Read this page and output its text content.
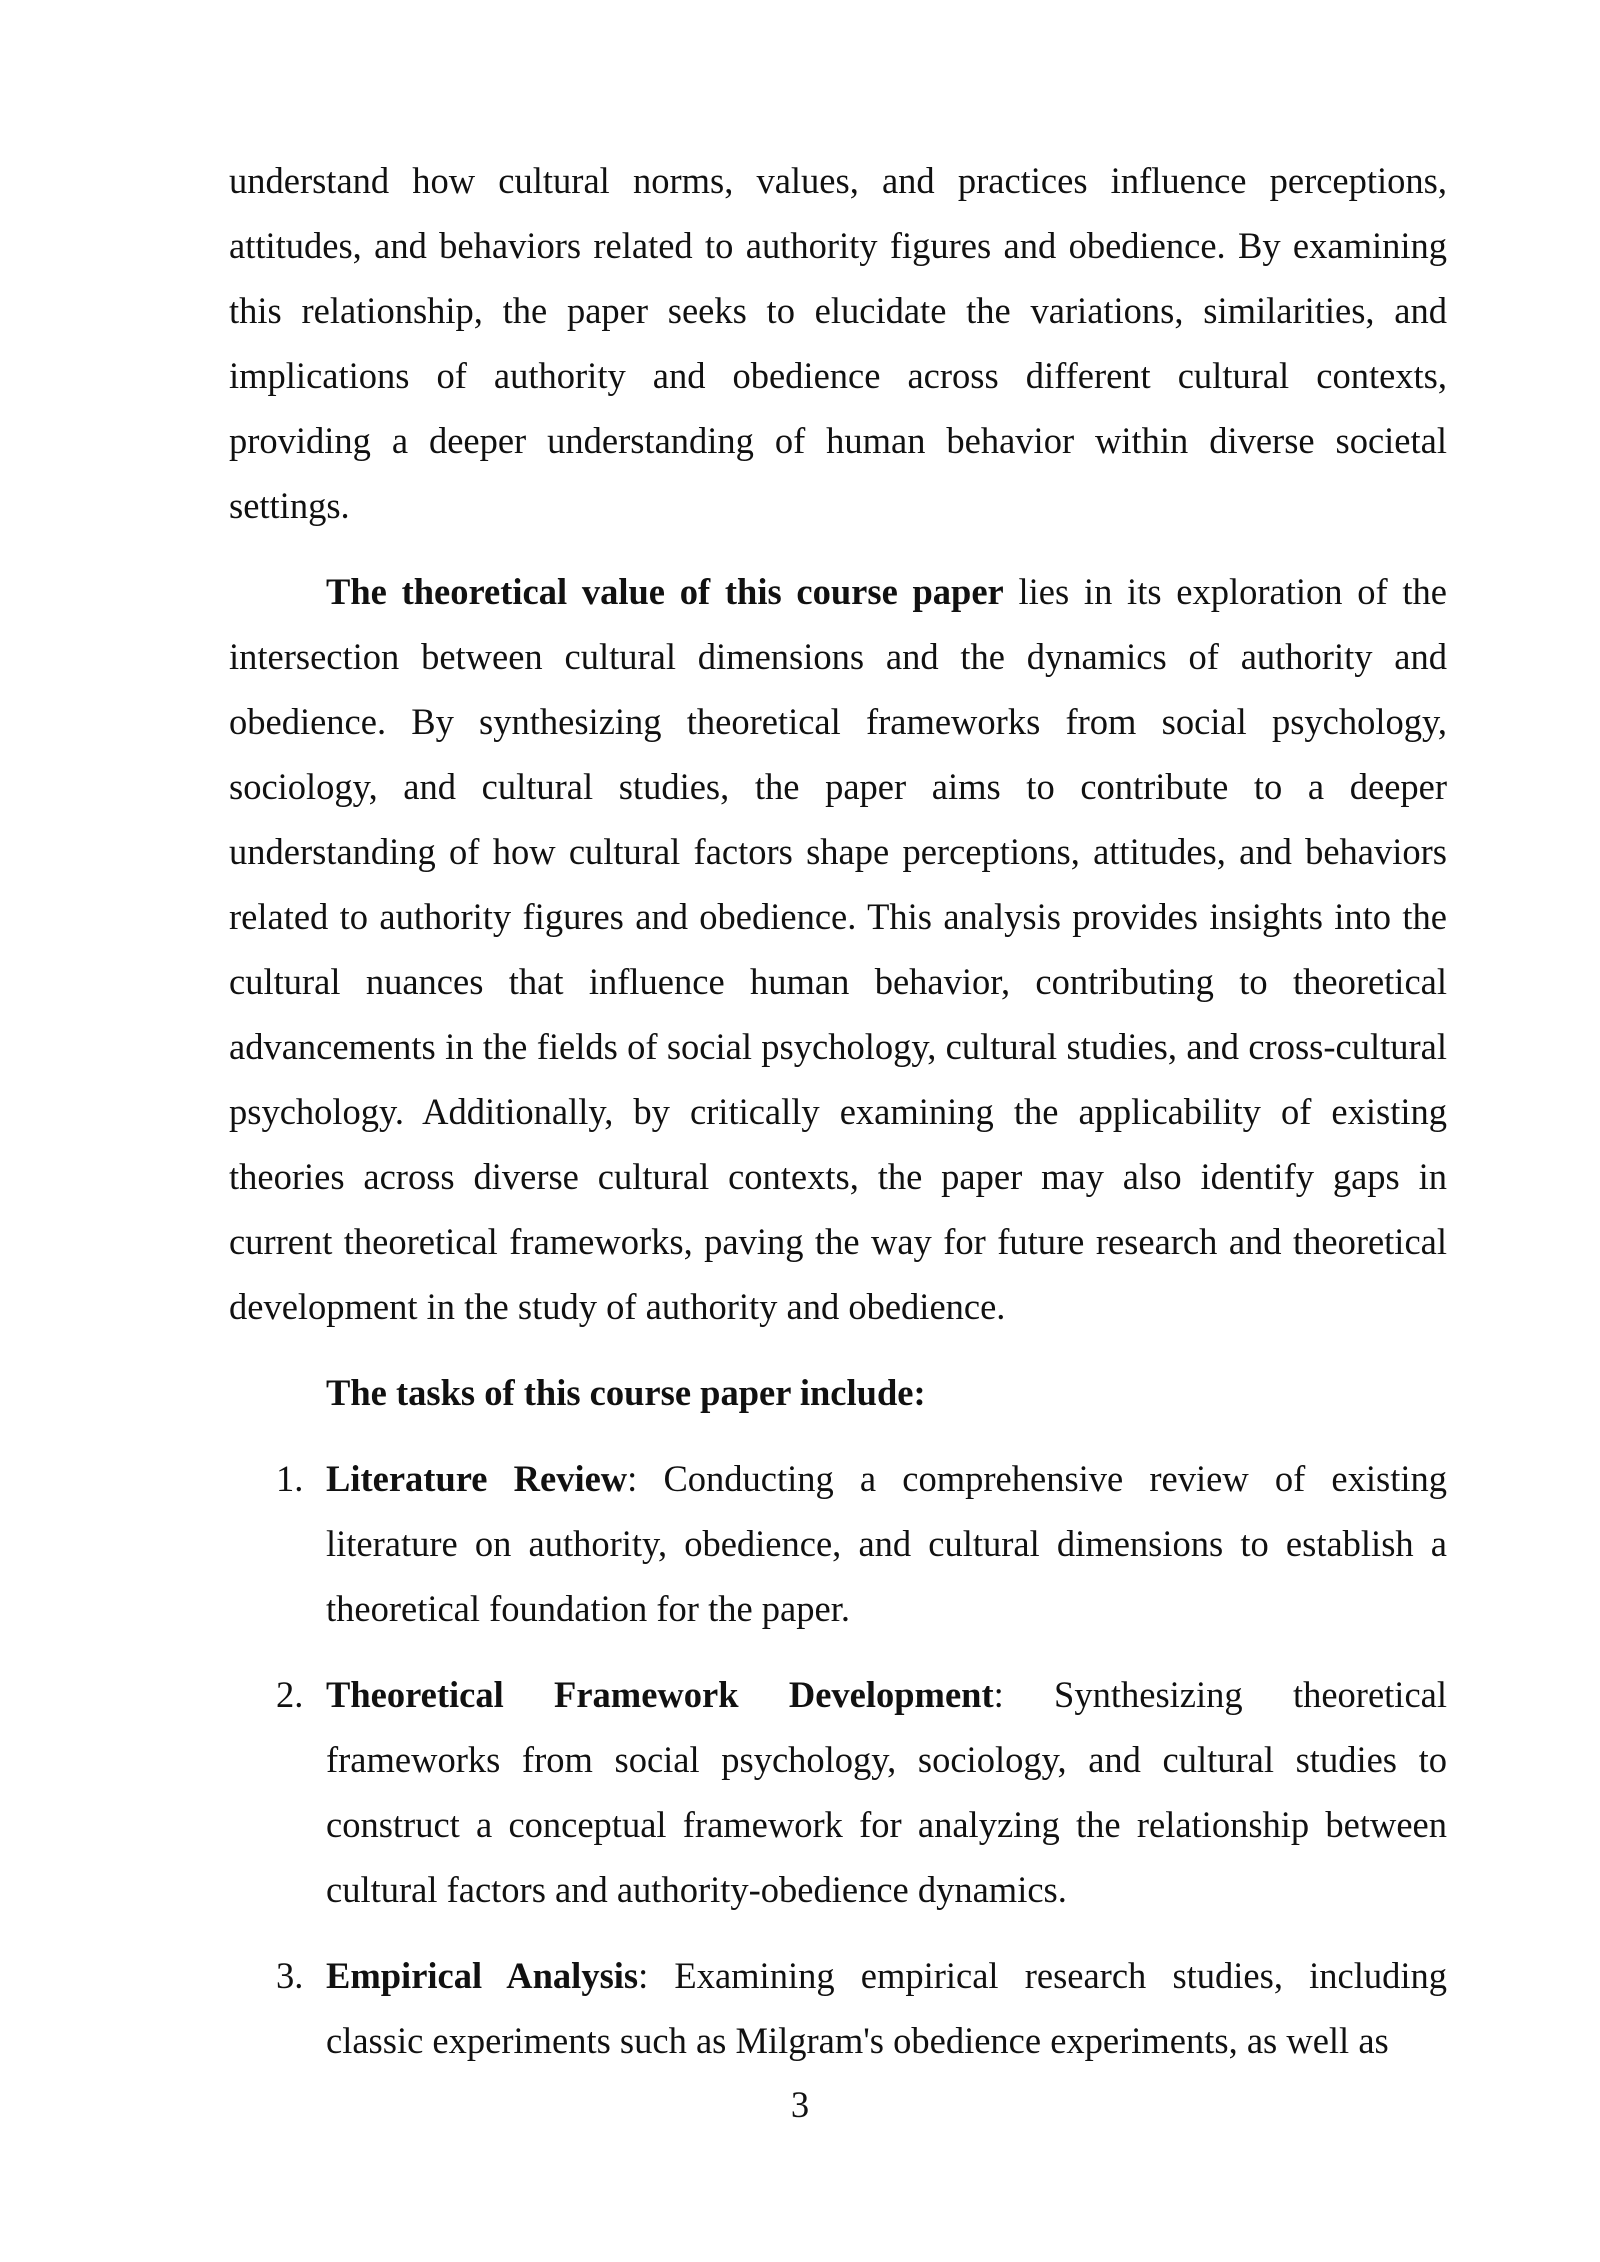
understand how cultural norms, values, and practices influence perceptions, attitudes, and behaviors related to authority figures and obedience. By examining this relationship, the paper seeks to elucidate the variations, similarities, and implications of authority and obedience across different cultural contexts, providing a deeper understanding of human behavior within diverse societal settings.

The theoretical value of this course paper lies in its exploration of the intersection between cultural dimensions and the dynamics of authority and obedience. By synthesizing theoretical frameworks from social psychology, sociology, and cultural studies, the paper aims to contribute to a deeper understanding of how cultural factors shape perceptions, attitudes, and behaviors related to authority figures and obedience. This analysis provides insights into the cultural nuances that influence human behavior, contributing to theoretical advancements in the fields of social psychology, cultural studies, and cross-cultural psychology. Additionally, by critically examining the applicability of existing theories across diverse cultural contexts, the paper may also identify gaps in current theoretical frameworks, paving the way for future research and theoretical development in the study of authority and obedience.

The tasks of this course paper include:

1. Literature Review: Conducting a comprehensive review of existing literature on authority, obedience, and cultural dimensions to establish a theoretical foundation for the paper.
2. Theoretical Framework Development: Synthesizing theoretical frameworks from social psychology, sociology, and cultural studies to construct a conceptual framework for analyzing the relationship between cultural factors and authority-obedience dynamics.
3. Empirical Analysis: Examining empirical research studies, including classic experiments such as Milgram's obedience experiments, as well as
3
